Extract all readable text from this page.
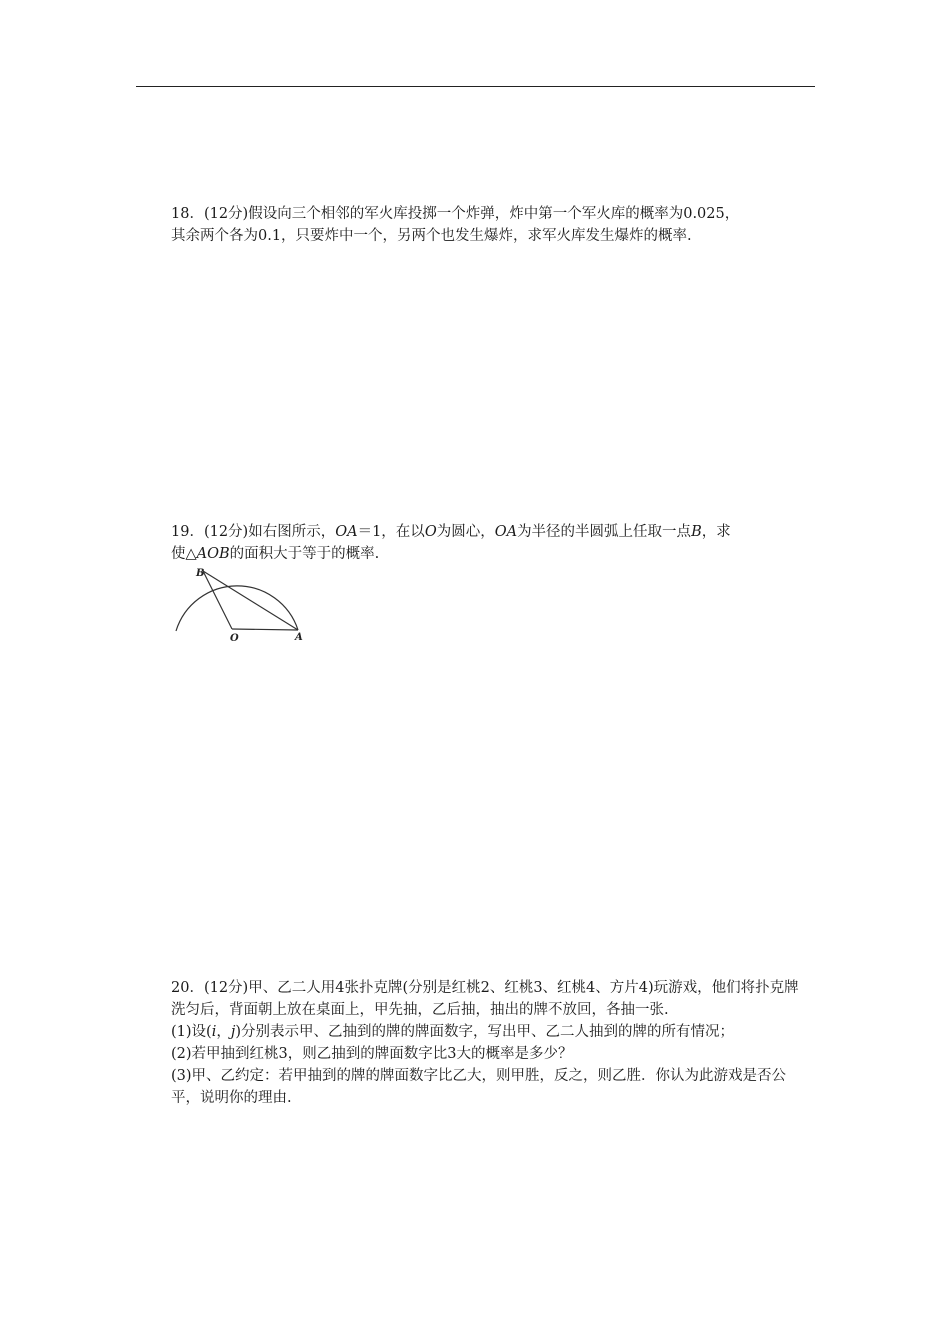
18．(12分)假设向三个相邻的军火库投掷一个炸弹，炸中第一个军火库的概率为0.025，

其余两个各为0.1，只要炸中一个，另两个也发生爆炸，求军火库发生爆炸的概率.

19．(12分)如右图所示，OA＝1，在以O为圆心，OA为半径的半圆弧上任取一点B，求

使△AOB的面积大于等于的概率.

B
O	A

20．(12分)甲、乙二人用4张扑克牌(分别是红桃2、红桃3、红桃4、方片4)玩游戏，他们将扑克牌洗匀后，背面朝上放在桌面上，甲先抽，乙后抽，抽出的牌不放回，各抽一张.

(1)设(i，j)分别表示甲、乙抽到的牌的牌面数字，写出甲、乙二人抽到的牌的所有情况；

(2)若甲抽到红桃3，则乙抽到的牌面数字比3大的概率是多少？

(3)甲、乙约定：若甲抽到的牌的牌面数字比乙大，则甲胜，反之，则乙胜．你认为此游戏是否公平，说明你的理由.
